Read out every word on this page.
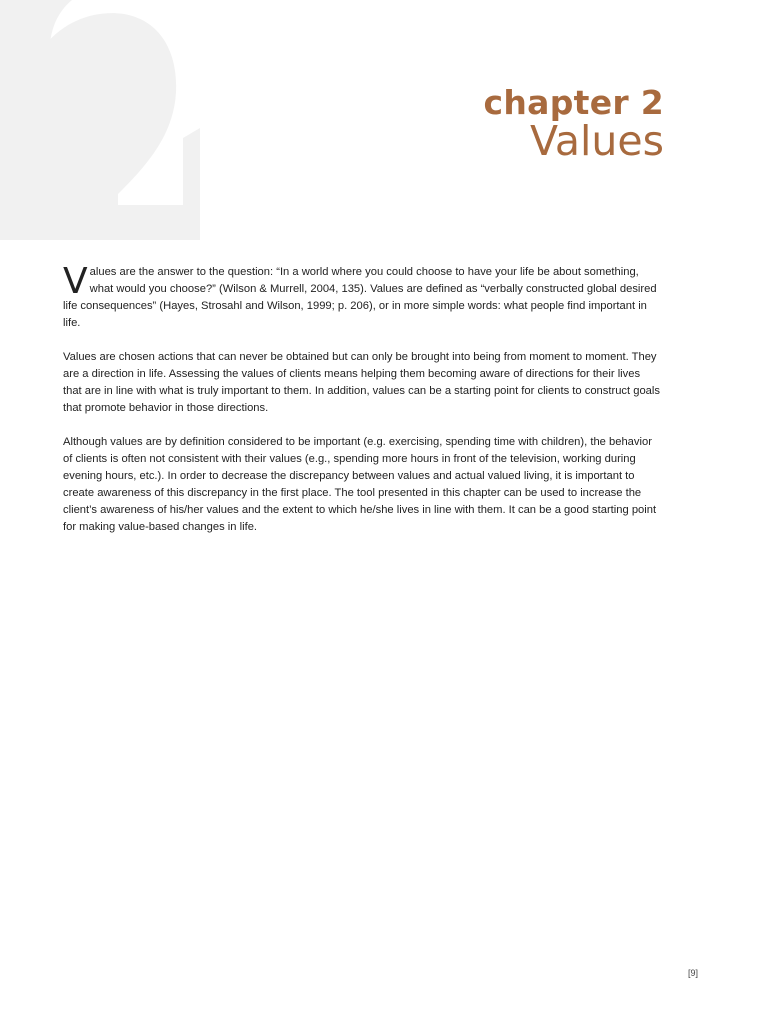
chapter 2
Values

Values are the answer to the question: “In a world where you could choose to have your life be about something, what would you choose?” (Wilson & Murrell, 2004, 135). Values are defined as “verbally constructed global desired life consequences” (Hayes, Strosahl and Wilson, 1999; p. 206), or in more simple words: what people find important in life.

Values are chosen actions that can never be obtained but can only be brought into being from moment to moment. They are a direction in life. Assessing the values of clients means helping them becoming aware of directions for their lives that are in line with what is truly important to them. In addition, values can be a starting point for clients to construct goals that promote behavior in those directions.

Although values are by definition considered to be important (e.g. exercising, spending time with children), the behavior of clients is often not consistent with their values (e.g., spending more hours in front of the television, working during evening hours, etc.). In order to decrease the discrepancy between values and actual valued living, it is important to create awareness of this discrepancy in the first place. The tool presented in this chapter can be used to increase the client’s awareness of his/her values and the extent to which he/she lives in line with them. It can be a good starting point for making value-based changes in life.

[9]
